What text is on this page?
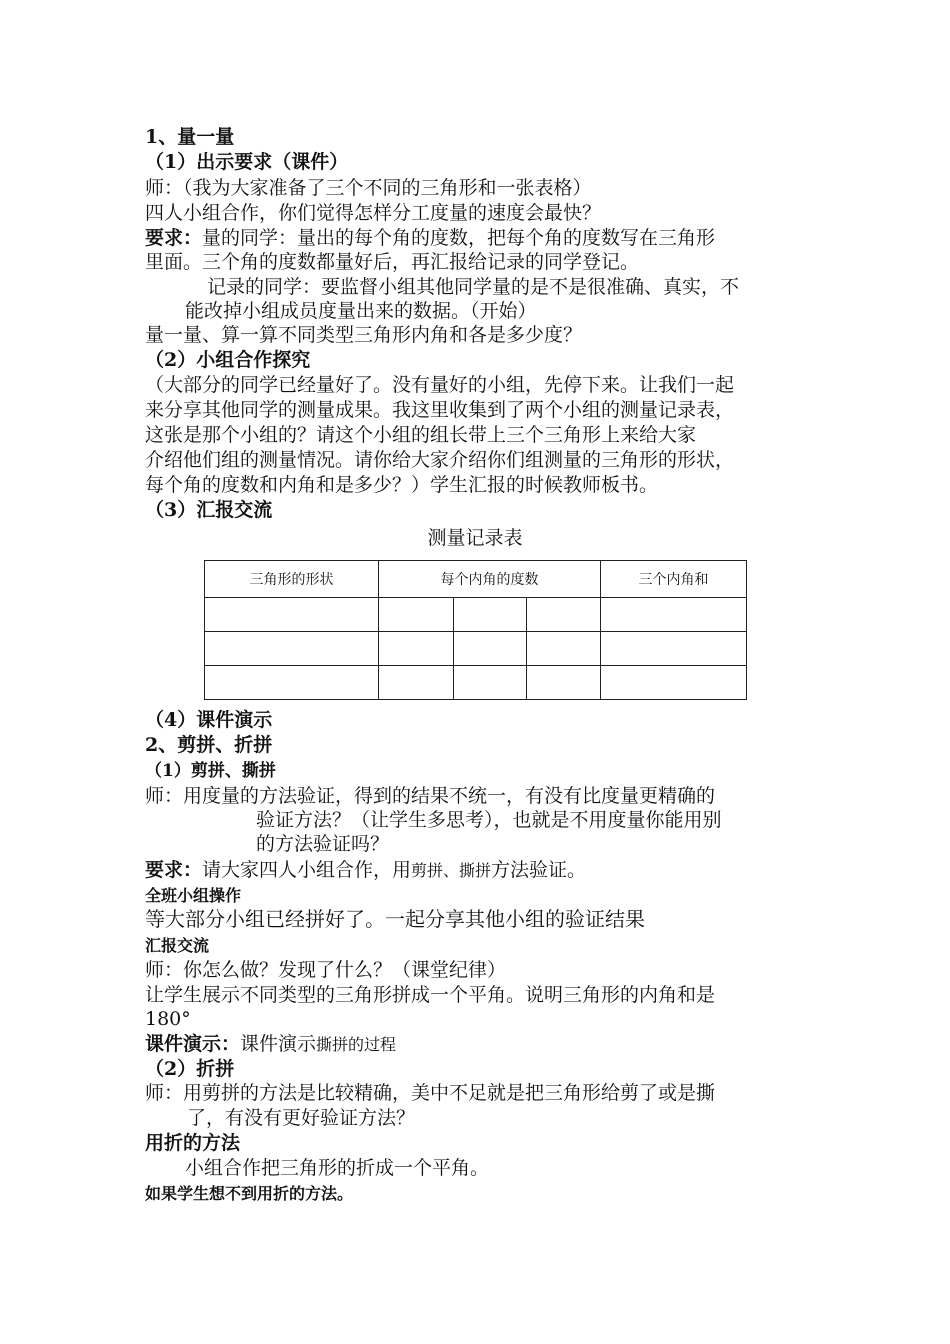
1、量一量
（1）出示要求（课件）
师：（我为大家准备了三个不同的三角形和一张表格）
四人小组合作，你们觉得怎样分工度量的速度会最快？
要求：量的同学：量出的每个角的度数，把每个角的度数写在三角形
里面。三个角的度数都量好后，再汇报给记录的同学登记。
记录的同学：要监督小组其他同学量的是不是很准确、真实，不
能改掉小组成员度量出来的数据。（开始）
量一量、算一算不同类型三角形内角和各是多少度？
（2）小组合作探究
（大部分的同学已经量好了。没有量好的小组，先停下来。让我们一起
来分享其他同学的测量成果。我这里收集到了两个小组的测量记录表，
这张是那个小组的？请这个小组的组长带上三个三角形上来给大家
介绍他们组的测量情况。请你给大家介绍你们组测量的三角形的形状，
每个角的度数和内角和是多少？）学生汇报的时候教师板书。
（3）汇报交流
测量记录表
三角形的形状	每个内角的度数			三个内角和

（4）课件演示
2、剪拼、折拼
（1）剪拼、撕拼
师：用度量的方法验证，得到的结果不统一，有没有比度量更精确的
验证方法？（让学生多思考），也就是不用度量你能用别
的方法验证吗？
要求：请大家四人小组合作，用剪拼、撕拼方法验证。
全班小组操作
等大部分小组已经拼好了。一起分享其他小组的验证结果
汇报交流
师：你怎么做？发现了什么？（课堂纪律）
让学生展示不同类型的三角形拼成一个平角。说明三角形的内角和是
180°
课件演示：课件演示撕拼的过程
（2）折拼
师：用剪拼的方法是比较精确，美中不足就是把三角形给剪了或是撕
了，有没有更好验证方法？
用折的方法
小组合作把三角形的折成一个平角。
如果学生想不到用折的方法。
